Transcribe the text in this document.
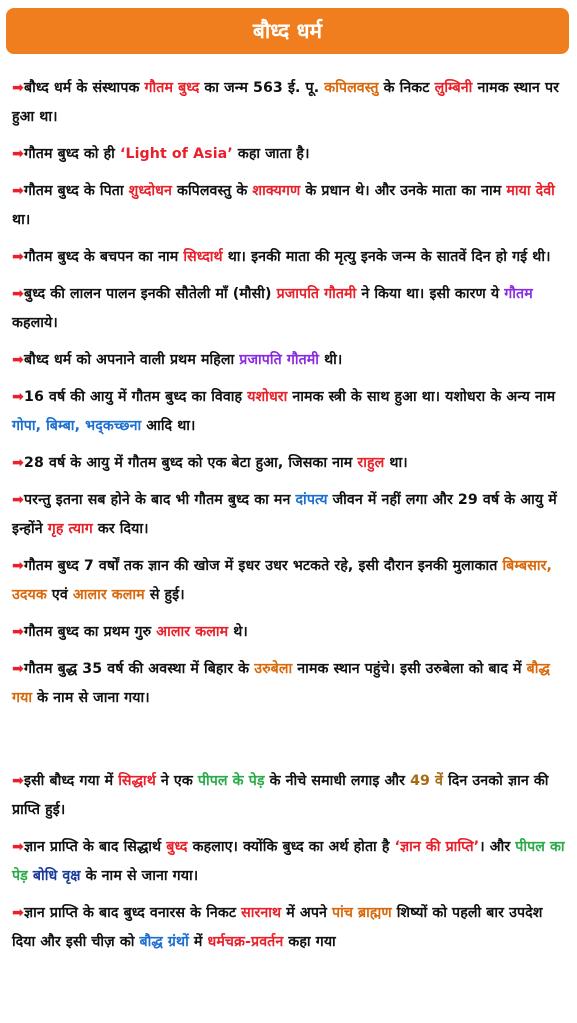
बौध्द धर्म

➡बौध्द धर्म के संस्थापक गौतम बुध्द का जन्म 563 ई. पू. कपिलवस्तु के निकट लुम्बिनी नामक स्थान पर हुआ था।

➡गौतम बुध्द को ही ‘Light of Asia’ कहा जाता है।

➡गौतम बुध्द के पिता शुध्दोधन कपिलवस्तु के शाक्यगण के प्रधान थे। और उनके माता का नाम माया देवी था।

➡गौतम बुध्द के बचपन का नाम सिध्दार्थ था। इनकी माता की मृत्यु इनके जन्म के सातवें दिन हो गई थी।

➡बुध्द की लालन पालन इनकी सौतेली माँ (मौसी) प्रजापति गौतमी ने किया था। इसी कारण ये गौतम कहलाये।

➡बौध्द धर्म को अपनाने वाली प्रथम महिला प्रजापति गौतमी थी।

➡16 वर्ष की आयु में गौतम बुध्द का विवाह यशोधरा नामक स्त्री के साथ हुआ था। यशोधरा के अन्य नाम गोपा, बिम्बा, भद्कच्छ्ना आदि था।

➡28 वर्ष के आयु में गौतम बुध्द को एक बेटा हुआ, जिसका नाम राहुल था।

➡परन्तु इतना सब होने के बाद भी गौतम बुध्द का मन दांपत्य जीवन में नहीं लगा और 29 वर्ष के आयु में इन्होंने गृह त्याग कर दिया।

➡गौतम बुध्द 7 वर्षों तक ज्ञान की खोज में इधर उधर भटकते रहे, इसी दौरान इनकी मुलाकात बिम्बसार, उदयक एवं आलार कलाम से हुई।

➡गौतम बुध्द का प्रथम गुरु आलार कलाम थे।

➡गौतम बुद्ध 35 वर्ष की अवस्था में बिहार के उरुबेला नामक स्थान पहुंचे। इसी उरुबेला को बाद में बौद्ध गया के नाम से जाना गया।

➡इसी बौध्द गया में सिद्धार्थ ने एक पीपल के पेड़ के नीचे समाधी लगाइ और 49 वें दिन उनको ज्ञान की प्राप्ति हुई।

➡ज्ञान प्राप्ति के बाद सिद्धार्थ बुध्द कहलाए। क्योंकि बुध्द का अर्थ होता है ‘ज्ञान की प्राप्ति’। और पीपल का पेड़ बोधि वृक्ष के नाम से जाना गया।

➡ज्ञान प्राप्ति के बाद बुध्द वनारस के निकट सारनाथ में अपने पांच ब्राह्मण शिष्यों को पहली बार उपदेश दिया और इसी चीज़ को बौद्ध ग्रंथों में धर्मचक्र-प्रवर्तन कहा गया
